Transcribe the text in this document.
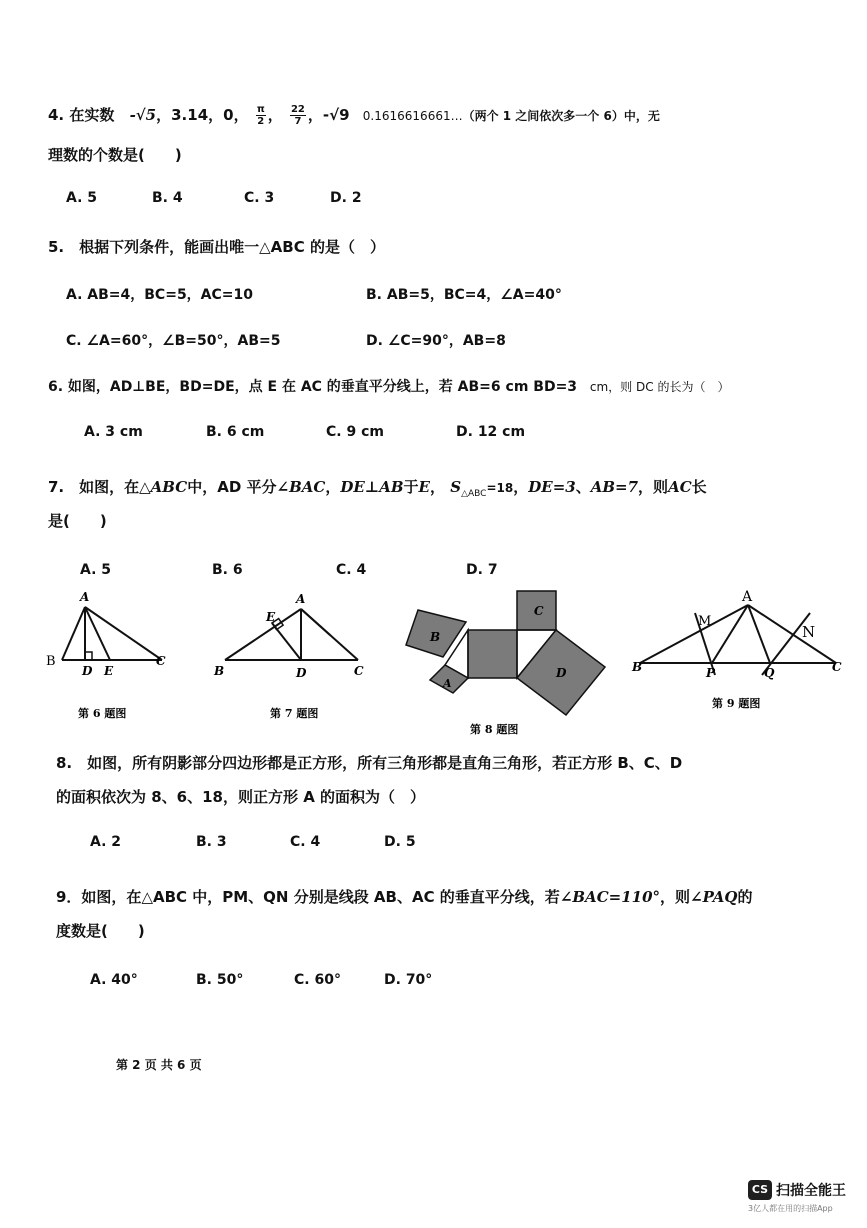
4. 在实数 -√5，3.14，0， $\frac{\pi}{2}$ ， $\frac{22}{7}$ ，-√9 0.1616616661…（两个 1 之间依次多一个 6）中，无
理数的个数是(　　)
A. 5	B. 4	C. 3	D. 2
5.　根据下列条件，能画出唯一△ABC 的是（　）
A. AB=4，BC=5，AC=10	B. AB=5，BC=4，∠A=40°
C. ∠A=60°，∠B=50°，AB=5	D. ∠C=90°，AB=8
6. 如图，AD⊥BE，BD=DE，点 E 在 AC 的垂直平分线上，若 AB=6 cm BD=3 cm，则 DC 的长为（　）
A. 3 cm	B. 6 cm	C. 9 cm	D. 12 cm
7.　如图，在△ABC中，AD 平分∠BAC，DE⊥AB于E， $S_{\triangle ABC}=18$，DE=3、AB=7，则AC长
是(　　)
A. 5	B. 6	C. 4	D. 7
A
B
D E
C
第 6 题图
A
E
B	D	C
第 7 题图
C
B
D
A
第 8 题图
A
M
N
B	P	Q	C
第 9 题图
8.　如图，所有阴影部分四边形都是正方形，所有三角形都是直角三角形，若正方形 B、C、D
的面积依次为 8、6、18，则正方形 A 的面积为（　）
A. 2	B. 3	C. 4	D. 5
9．如图，在△ABC 中，PM、QN 分别是线段 AB、AC 的垂直平分线，若∠BAC=110°，则∠PAQ的
度数是(　　)
A. 40°	B. 50°	C. 60°	D. 70°
第 2 页 共 6 页
CS 扫描全能王
3亿人都在用的扫描App
